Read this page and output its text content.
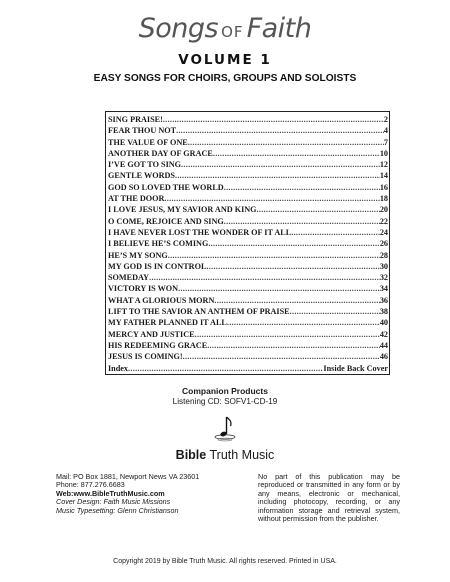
Songs OF Faith
VOLUME 1
EASY SONGS FOR CHOIRS, GROUPS AND SOLOISTS
SING PRAISE! .....	2
FEAR THOU NOT .....	4
THE VALUE OF ONE .....	7
ANOTHER DAY OF GRACE .....	10
I’VE GOT TO SING .....	12
GENTLE WORDS .....	14
GOD SO LOVED THE WORLD .....	16
AT THE DOOR .....	18
I LOVE JESUS, MY SAVIOR AND KING .....	20
O COME, REJOICE AND SING .....	22
I HAVE NEVER LOST THE WONDER OF IT ALL .....	24
I BELIEVE HE’S COMING .....	26
HE’S MY SONG .....	28
MY GOD IS IN CONTROL .....	30
SOMEDAY .....	32
VICTORY IS WON .....	34
WHAT A GLORIOUS MORN .....	36
LIFT TO THE SAVIOR AN ANTHEM OF PRAISE .....	38
MY FATHER PLANNED IT ALL .....	40
MERCY AND JUSTICE .....	42
HIS REDEEMING GRACE .....	44
JESUS IS COMING! .....	46
Index .....	Inside Back Cover
Companion Products
Listening CD: SOFV1-CD-19
Bible Truth Music
Mail: PO Box 1881, Newport News VA 23601
Phone: 877.276.6683
Web:www.BibleTruthMusic.com
Cover Design: Faith Music Missions
Music Typesetting: Glenn Christianson
No part of this publication may be reproduced or transmitted in any form or by any means, electronic or mechanical, including photocopy, recording, or any information storage and retrieval system, without permission from the publisher.
Copyright 2019 by Bible Truth Music. All rights reserved. Printed in USA.
